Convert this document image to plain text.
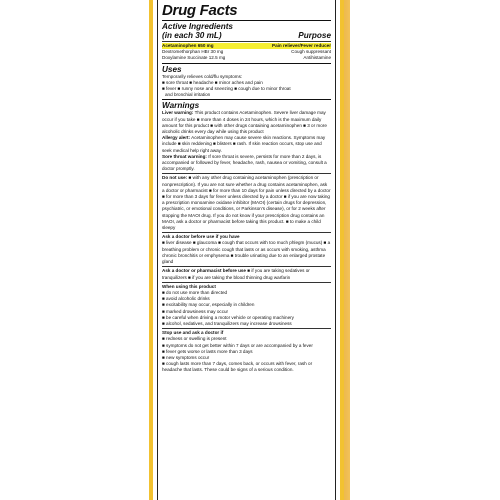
Drug Facts
Active Ingredients
(in each 30 mL)	Purpose
Acetaminophen 650 mg	Pain reliever/Fever reducer
Dextromethorphan HBr 30 mg	Cough suppressant
Doxylamine Succinate 12.5 mg	Antihistamine
Uses
Temporarily relieves cold/flu symptoms:
■ sore throat ■ headache ■ minor aches and pain
■ fever ■ runny nose and sneezing ■ cough due to minor throat
and bronchial irritation
Warnings

Liver warning: This product contains Acetaminophen. Severe liver damage may occur if you take ■ more than 4 doses in 24 hours, which is the maximum daily amount for this product ■ with other drugs containing acetaminophen ■ 3 or more alcoholic drinks every day while using this product

Allergy alert: Acetaminophen may cause severe skin reactions. Symptoms may include ■ skin reddening ■ blisters ■ rash. If skin reaction occurs, stop use and seek medical help right away.

Sore throat warning: If sore throat is severe, persists for more than 2 days, is accompanied or followed by fever, headache, rash, nausea or vomiting, consult a doctor promptly.

Do not use: ■ with any other drug containing acetaminophen (prescription or nonprescription). If you are not sure whether a drug contains acetaminophen, ask a doctor or pharmacist ■ for more than 10 days for pain unless directed by a doctor ■ for more than 3 days for fever unless directed by a doctor ■ if you are now taking a prescription monoamine oxidase inhibitor (MAOI) (certain drugs for depression, psychiatric, or emotional conditions, or Parkinson's disease), or for 2 weeks after stopping the MAOI drug. If you do not know if your prescription drug contains an MAOI, ask a doctor or pharmacist before taking this product. ■ to make a child sleepy

Ask a doctor before use if you have

■ liver disease ■ glaucoma ■ cough that occurs with too much phlegm (mucus) ■ a breathing problem or chronic cough that lasts or as occurs with smoking, asthma chronic bronchitis or emphysema ■ trouble urinating due to an enlarged prostate gland

Ask a doctor or pharmacist before use ■ if you are taking sedatives or tranquilizers ■ if you are taking the blood thinning drug warfarin

When using this product

■ do not use more than directed
■ avoid alcoholic drinks
■ excitability may occur, especially in children
■ marked drowsiness may occur
■ be careful when driving a motor vehicle or operating machinery
■ alcohol, sedatives, and tranquilizers may increase drowsiness

Stop use and ask a doctor if

■ redness or swelling is present
■ symptoms do not get better within 7 days or are accompanied by a fever
■ fever gets worse or lasts more than 3 days
■ new symptoms occur
■ cough lasts more than 7 days, comes back, or occurs with fever, rash or headache that lasts. These could be signs of a serious condition.
